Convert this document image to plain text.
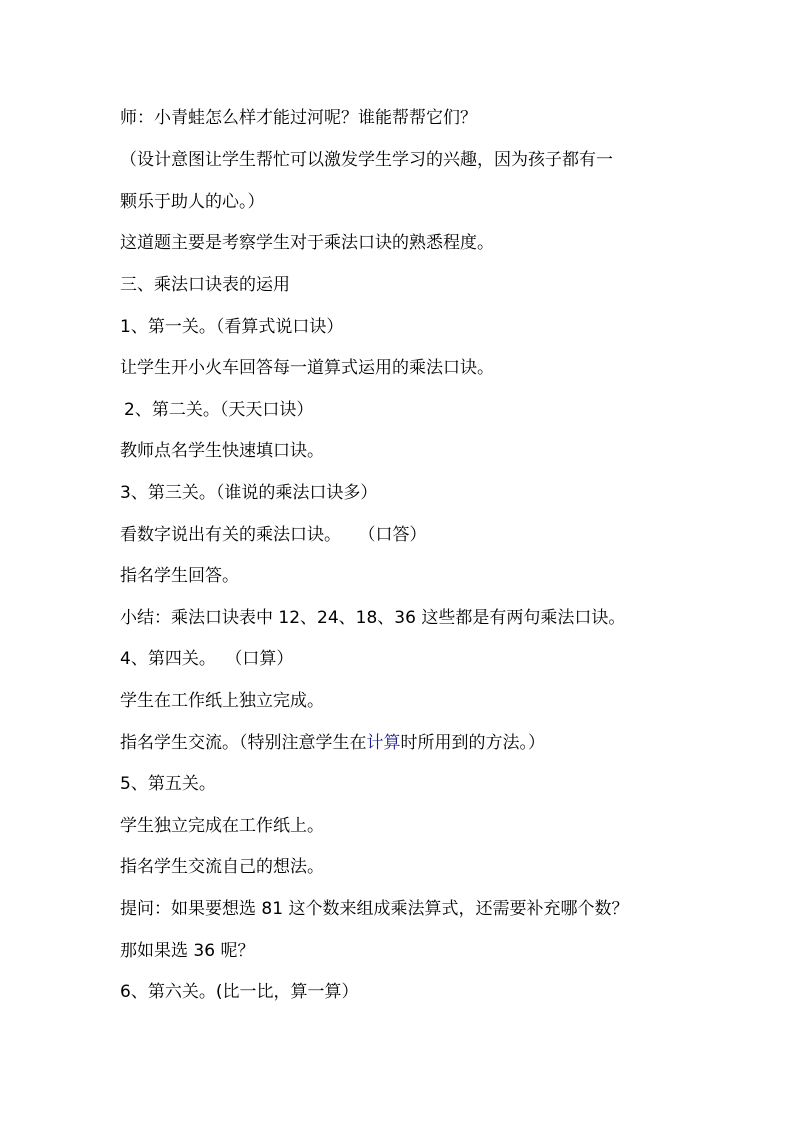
师：小青蛙怎么样才能过河呢？谁能帮帮它们？
（设计意图让学生帮忙可以激发学生学习的兴趣，因为孩子都有一
颗乐于助人的心。）
这道题主要是考察学生对于乘法口诀的熟悉程度。
三、乘法口诀表的运用
1、第一关。（看算式说口诀）
让学生开小火车回答每一道算式运用的乘法口诀。
2、第二关。（天天口诀）
教师点名学生快速填口诀。
3、第三关。（谁说的乘法口诀多）
看数字说出有关的乘法口诀。 （口答）
指名学生回答。
小结：乘法口诀表中 12、24、18、36 这些都是有两句乘法口诀。
4、第四关。 （口算）
学生在工作纸上独立完成。
指名学生交流。（特别注意学生在计算时所用到的方法。）
5、第五关。
学生独立完成在工作纸上。
指名学生交流自己的想法。
提问：如果要想选 81 这个数来组成乘法算式，还需要补充哪个数？
那如果选 36 呢？
6、第六关。(比一比，算一算）
